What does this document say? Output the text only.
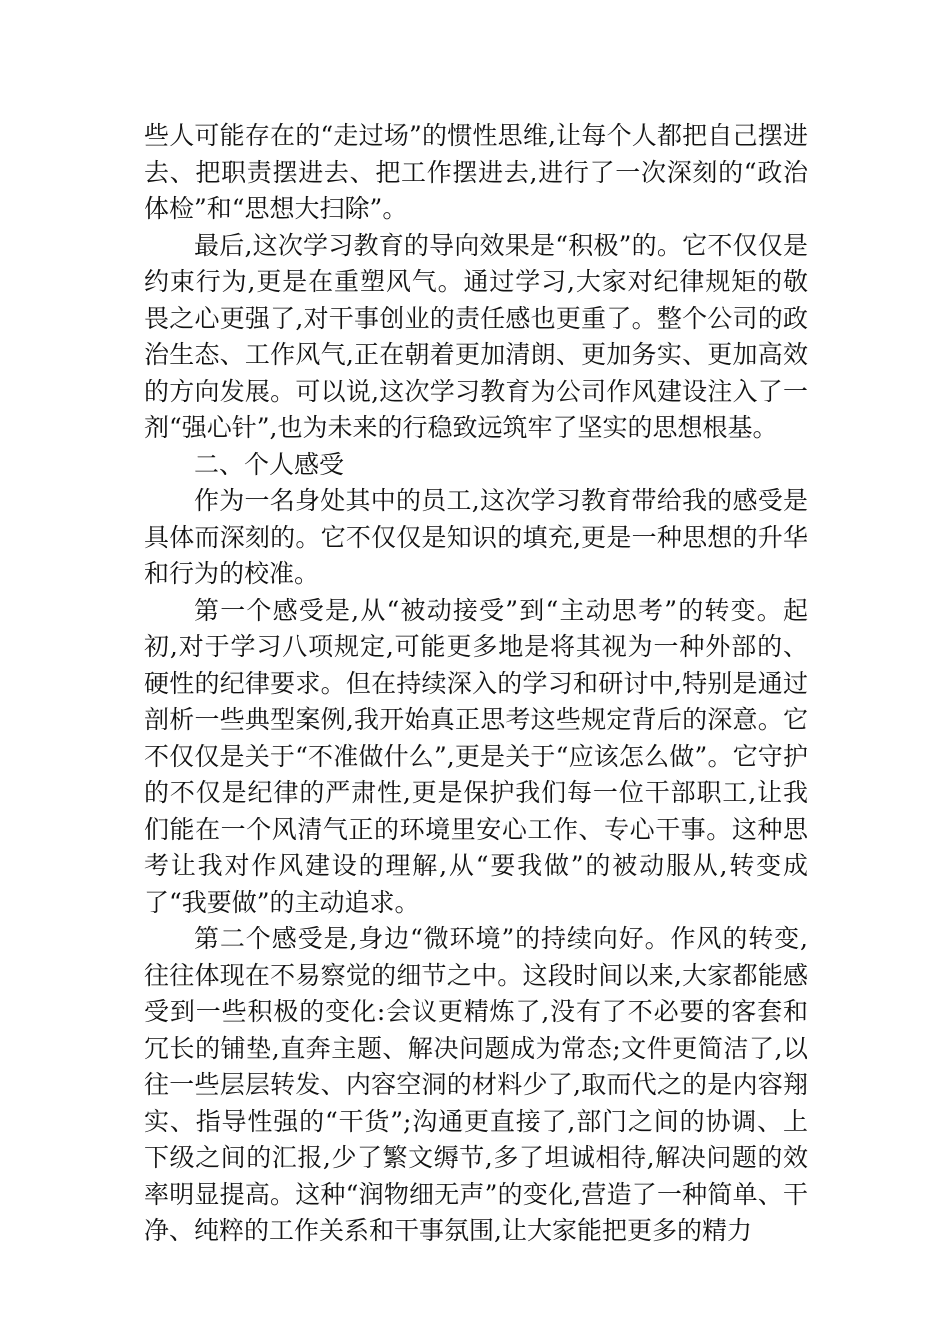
些人可能存在的“走过场”的惯性思维,让每个人都把自己摆进去、把职责摆进去、把工作摆进去,进行了一次深刻的“政治体检”和“思想大扫除”。

最后,这次学习教育的导向效果是“积极”的。它不仅仅是约束行为,更是在重塑风气。通过学习,大家对纪律规矩的敬畏之心更强了,对干事创业的责任感也更重了。整个公司的政治生态、工作风气,正在朝着更加清朗、更加务实、更加高效的方向发展。可以说,这次学习教育为公司作风建设注入了一剂“强心针”,也为未来的行稳致远筑牢了坚实的思想根基。

二、个人感受

作为一名身处其中的员工,这次学习教育带给我的感受是具体而深刻的。它不仅仅是知识的填充,更是一种思想的升华和行为的校准。

第一个感受是,从“被动接受”到“主动思考”的转变。起初,对于学习八项规定,可能更多地是将其视为一种外部的、硬性的纪律要求。但在持续深入的学习和研讨中,特别是通过剖析一些典型案例,我开始真正思考这些规定背后的深意。它不仅仅是关于“不准做什么”,更是关于“应该怎么做”。它守护的不仅是纪律的严肃性,更是保护我们每一位干部职工,让我们能在一个风清气正的环境里安心工作、专心干事。这种思考让我对作风建设的理解,从“要我做”的被动服从,转变成了“我要做”的主动追求。

第二个感受是,身边“微环境”的持续向好。作风的转变,往往体现在不易察觉的细节之中。这段时间以来,大家都能感受到一些积极的变化:会议更精炼了,没有了不必要的客套和冗长的铺垫,直奔主题、解决问题成为常态;文件更简洁了,以往一些层层转发、内容空洞的材料少了,取而代之的是内容翔实、指导性强的“干货”;沟通更直接了,部门之间的协调、上下级之间的汇报,少了繁文缛节,多了坦诚相待,解决问题的效率明显提高。这种“润物细无声”的变化,营造了一种简单、干净、纯粹的工作关系和干事氛围,让大家能把更多的精力
